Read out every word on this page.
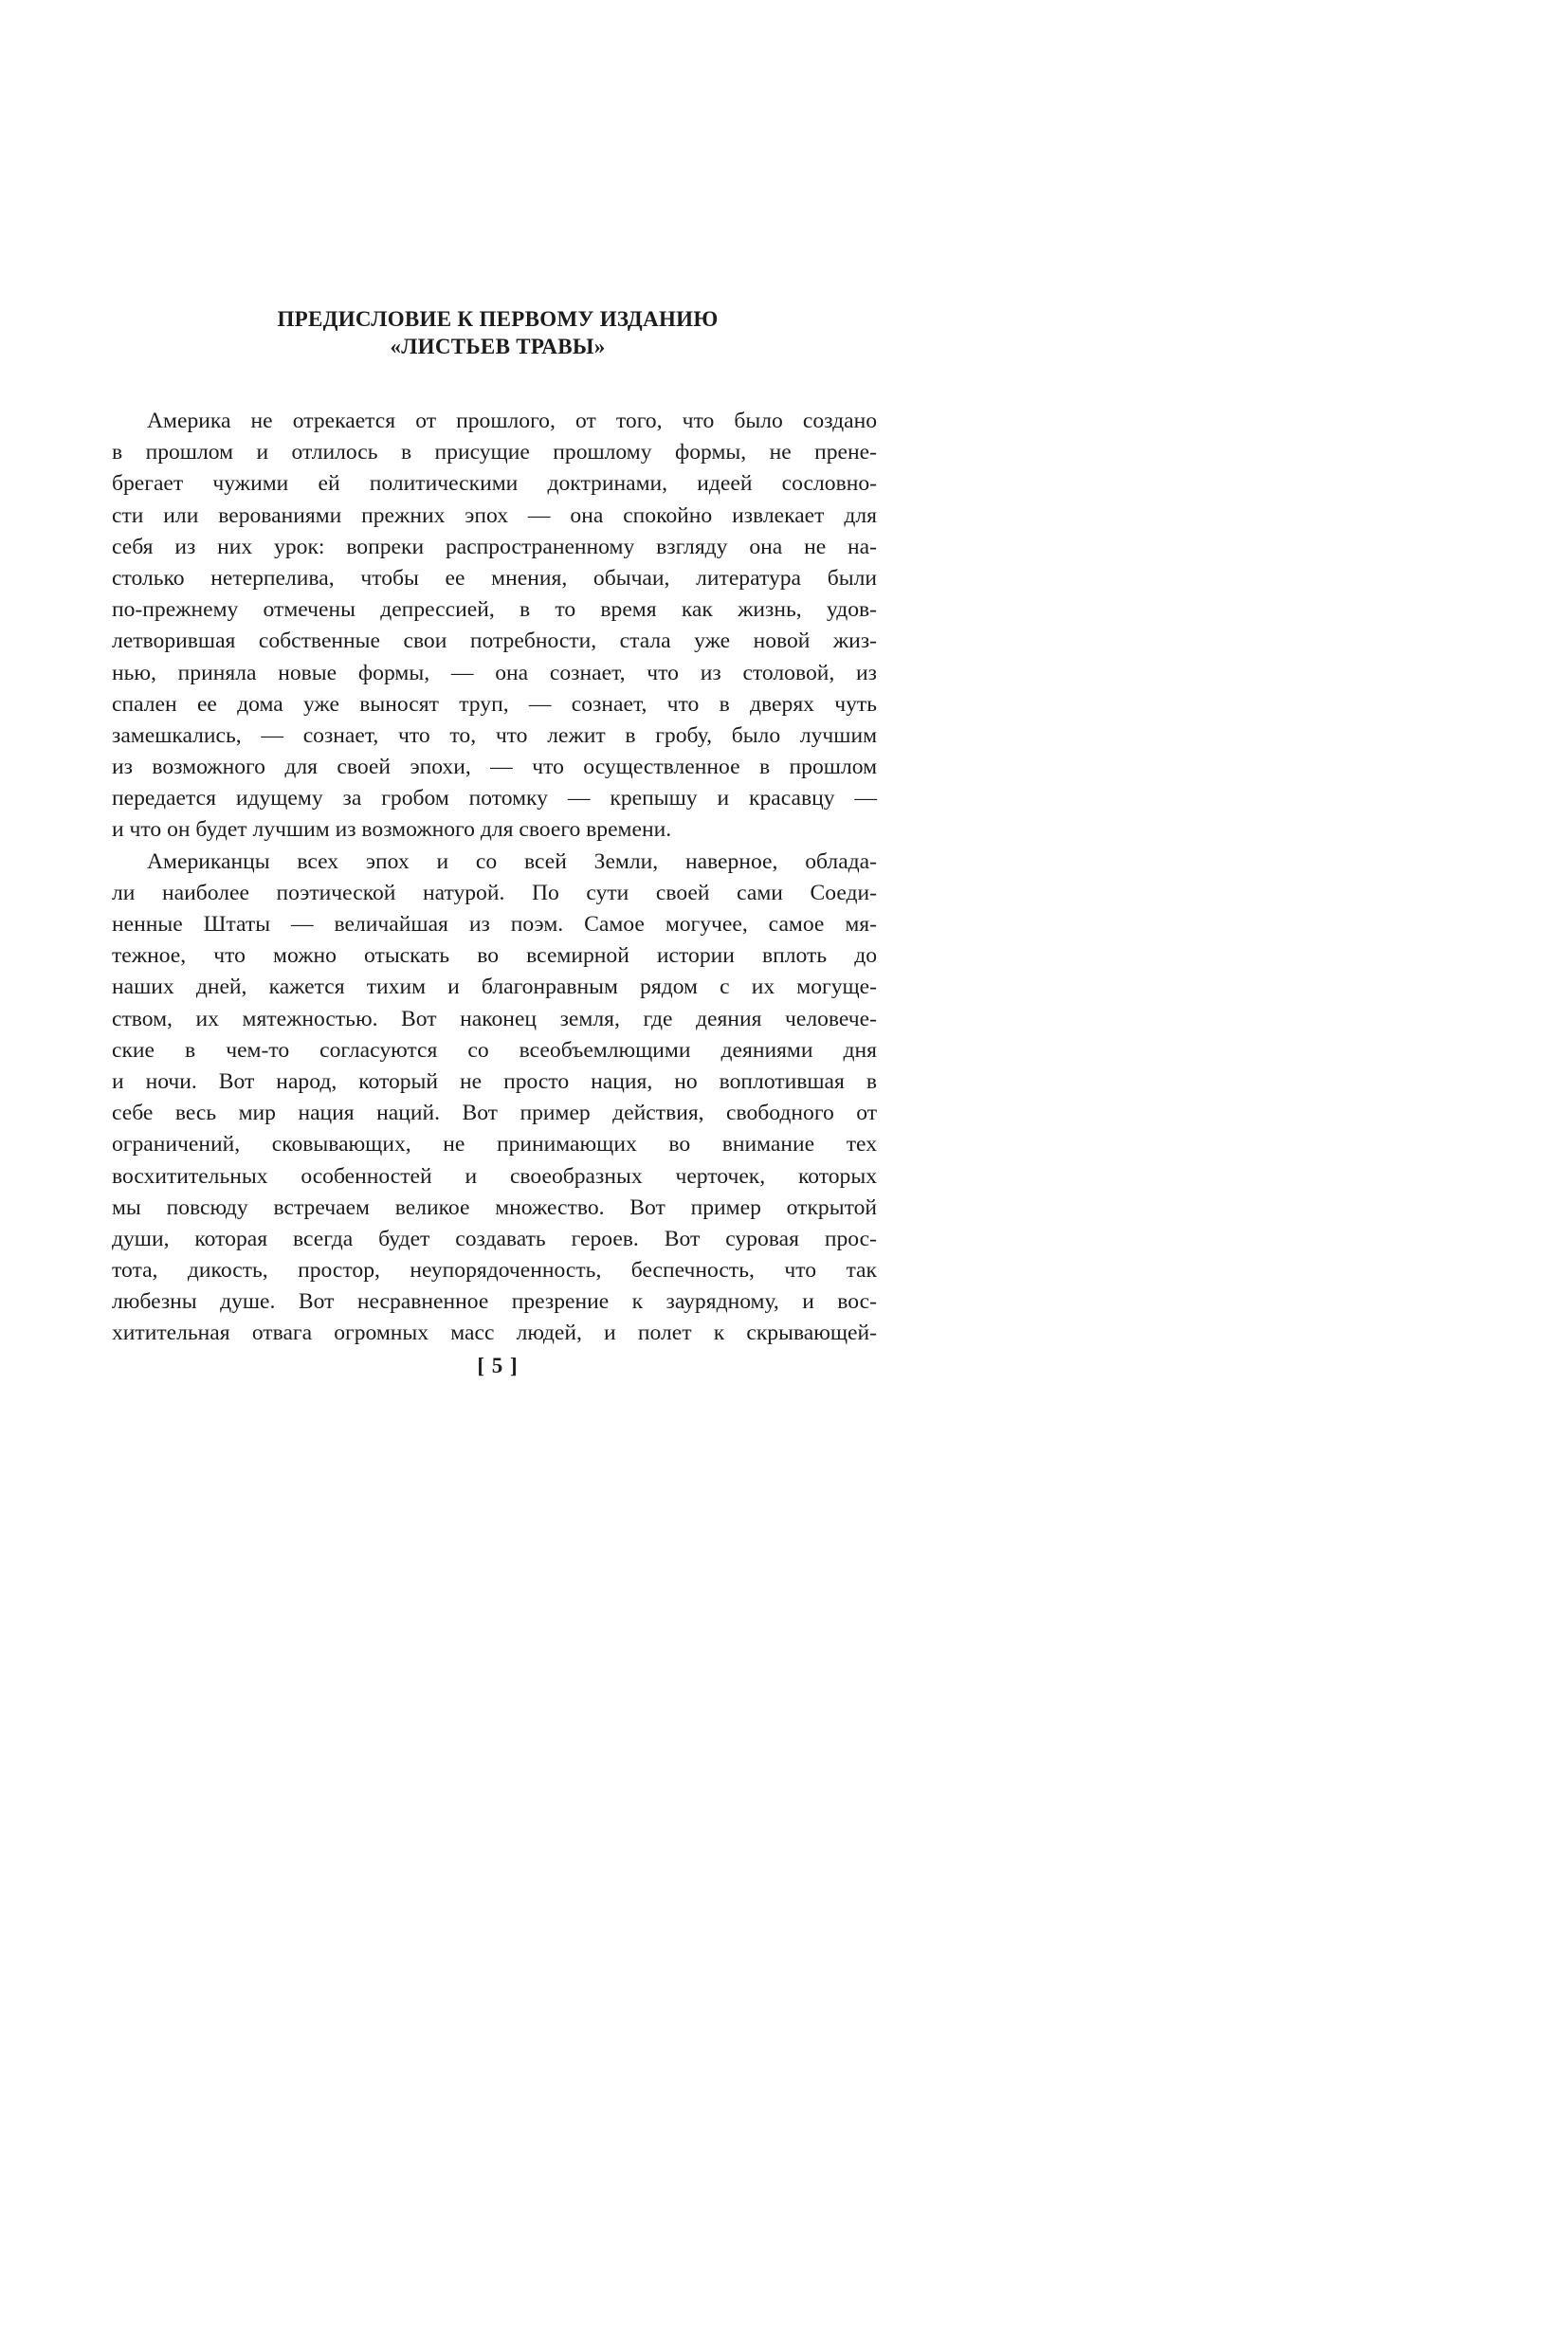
ПРЕДИСЛОВИЕ К ПЕРВОМУ ИЗДАНИЮ
«ЛИСТЬЕВ ТРАВЫ»
Америка не отрекается от прошлого, от того, что было создано
в прошлом и отлилось в присущие прошлому формы, не прене-
брегает чужими ей политическими доктринами, идеей сословно-
сти или верованиями прежних эпох — она спокойно извлекает для
себя из них урок: вопреки распространенному взгляду она не на-
столько нетерпелива, чтобы ее мнения, обычаи, литература были
по-прежнему отмечены депрессией, в то время как жизнь, удов-
летворившая собственные свои потребности, стала уже новой жиз-
нью, приняла новые формы, — она сознает, что из столовой, из
спален ее дома уже выносят труп, — сознает, что в дверях чуть
замешкались, — сознает, что то, что лежит в гробу, было лучшим
из возможного для своей эпохи, — что осуществленное в прошлом
передается идущему за гробом потомку — крепышу и красавцу —
и что он будет лучшим из возможного для своего времени.
Американцы всех эпох и со всей Земли, наверное, облада-
ли наиболее поэтической натурой. По сути своей сами Соеди-
ненные Штаты — величайшая из поэм. Самое могучее, самое мя-
тежное, что можно отыскать во всемирной истории вплоть до
наших дней, кажется тихим и благонравным рядом с их могуще-
ством, их мятежностью. Вот наконец земля, где деяния человече-
ские в чем-то согласуются со всеобъемлющими деяниями дня
и ночи. Вот народ, который не просто нация, но воплотившая в
себе весь мир нация наций. Вот пример действия, свободного от
ограничений, сковывающих, не принимающих во внимание тех
восхитительных особенностей и своеобразных черточек, которых
мы повсюду встречаем великое множество. Вот пример открытой
души, которая всегда будет создавать героев. Вот суровая прос-
тота, дикость, простор, неупорядоченность, беспечность, что так
любезны душе. Вот несравненное презрение к заурядному, и вос-
хитительная отвага огромных масс людей, и полет к скрывающей-
[ 5 ]
